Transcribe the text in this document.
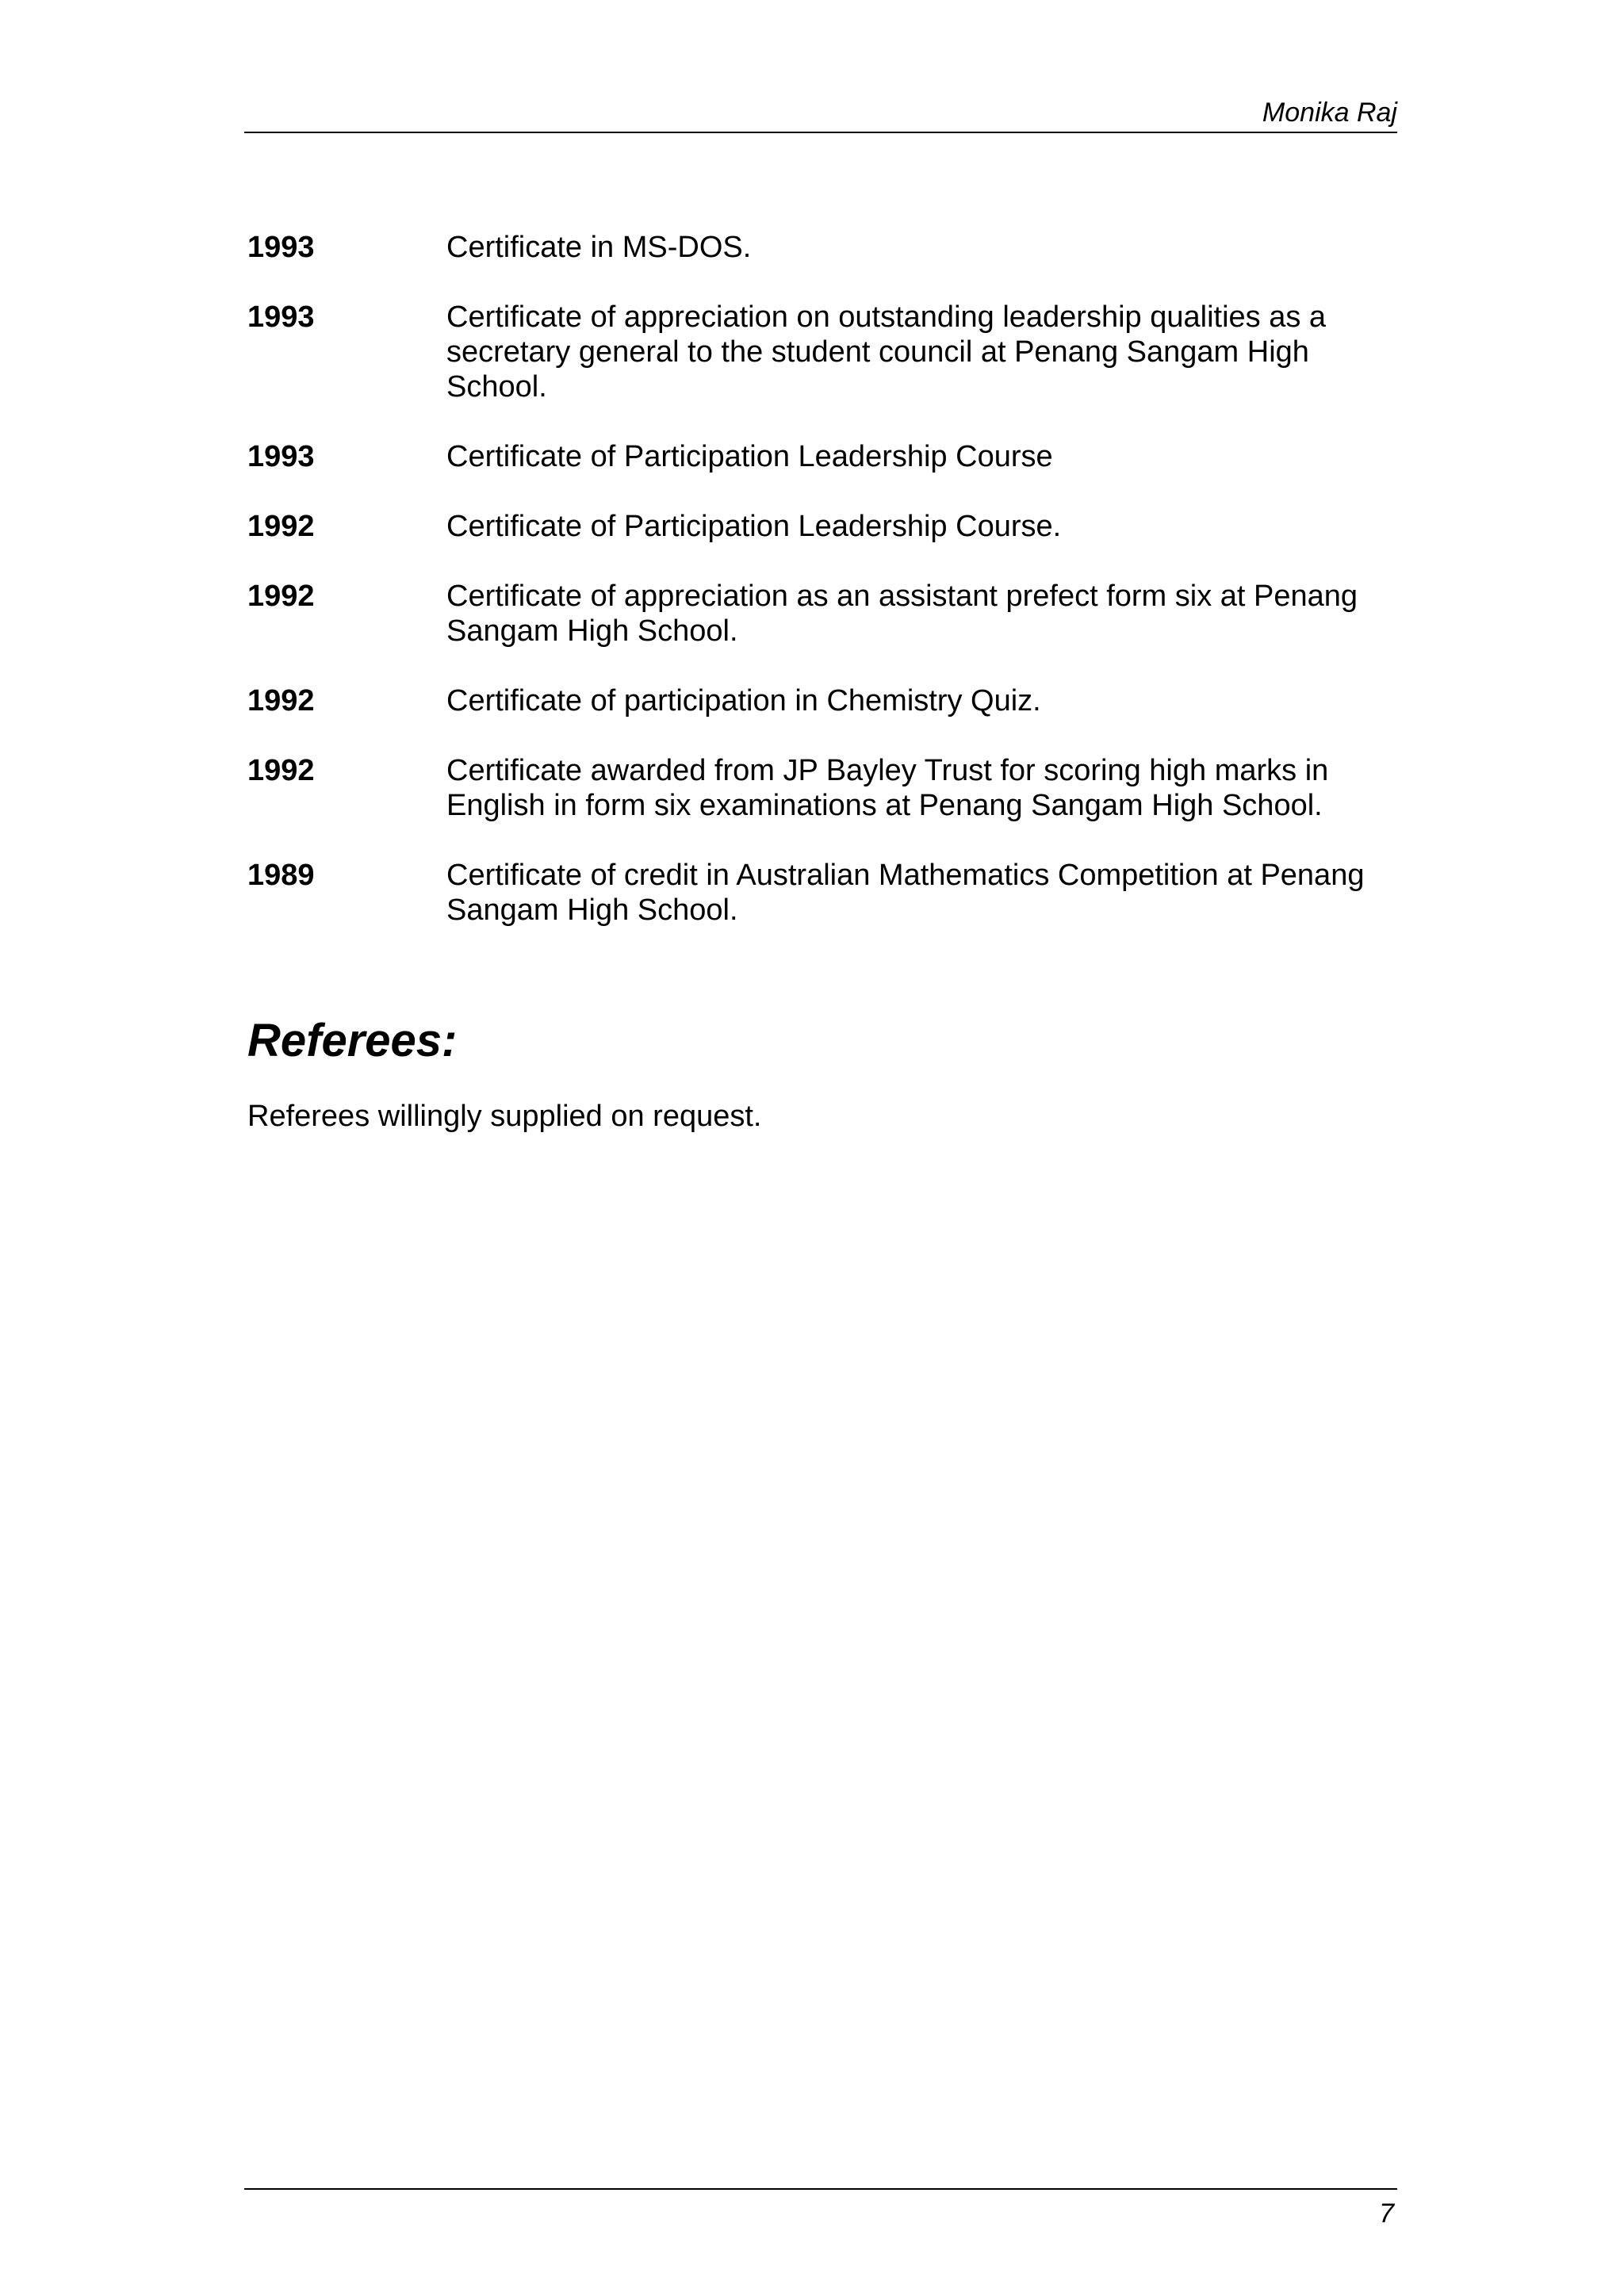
Monika Raj
1993	Certificate in MS-DOS.
1993	Certificate of appreciation on outstanding leadership qualities as a secretary general to the student council at Penang Sangam High School.
1993	Certificate of Participation Leadership Course
1992	Certificate of Participation Leadership Course.
1992	Certificate of appreciation as an assistant prefect form six at Penang Sangam High School.
1992	Certificate of participation in Chemistry Quiz.
1992	Certificate awarded from JP Bayley Trust for scoring high marks in English in form six examinations at Penang Sangam High School.
1989	Certificate of credit in Australian Mathematics Competition at Penang Sangam High School.
Referees:
Referees willingly supplied on request.
7
